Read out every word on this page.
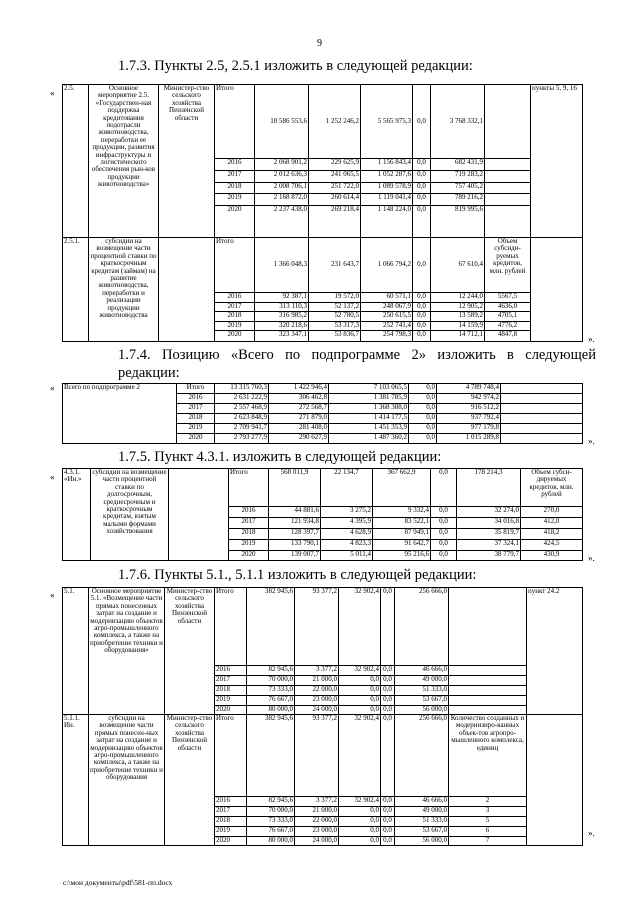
9
1.7.3. Пункты 2.5, 2.5.1 изложить в следующей редакции:
« 2.5.	Основное мероприятие 2.5. «Государствен-ная поддержка кредитования подотрасли животноводства, переработки ее продукции, развития инфраструктуры и логистического обеспечения рын-ков продукции животноводства»	Министер-ство сельского хозяйства Пензенской области	Итого	10 586 553,6	1 252 246,2	5 565 975,3	0,0	3 768 332,1		пункты 5, 9, 16
			2016	2 068 901,2	229 625,9	1 156 843,4	0,0	682 431,9		
			2017	2 012 636,3	241 065,5	1 052 287,6	0,0	719 283,2		
			2018	2 008 706,1	251 722,0	1 089 578,9	0,0	757 405,2		
			2019	2 168 872,0	260 614,4	1 119 041,4	0,0	789 216,2		
			2020	2 237 438,0	269 218,4	1 148 224,0	0,0	819 995,6		
2.5.1.	субсидии на возмещение части процентной ставки по краткосрочным кредитам (займам) на развитие животноводства, переработки и реализации продукции животноводства		Итого	1 366 048,3	231 643,7	1 066 794,2	0,0	67 610,4	Объем субсиди-руемых кредитов, млн. рублей	
			2016	92 387,1	19 572,0	60 571,1	0,0	12 244,0	5567,5	
			2017	313 110,3	52 137,2	248 067,9	0,0	12 905,2	4636,0	
			2018	316 985,2	52 780,5	250 615,5	0,0	13 589,2	4705,1	
			2019	320 218,6	53 317,3	252 741,4	0,0	14 159,9	4776,2	
			2020	323 347,1	53 836,7	254 798,3	0,0	14 712,1	4847,8		».
1.7.4. Позицию «Всего по подпрограмме 2» изложить в следующей редакции:
« Всего по подпрограмме 2	Итого	13 315 760,3	1 422 946,4	7 103 065,5	0,0	4 789 748,4	
	2016	2 631 222,9	306 462,8	1 381 785,9	0,0	942 974,2	
	2017	2 557 468,9	272 568,7	1 368 388,0	0,0	916 512,2	
	2018	2 623 848,9	271 879,0	1 414 177,5	0,0	937 792,4	
	2019	2 709 941,7	281 408,0	1 451 353,9	0,0	977 179,8	
	2020	2 793 277,9	290 627,9	1 487 360,2	0,0	1 015 289,8		».
1.7.5. Пункт 4.3.1. изложить в следующей редакции:
« 4.3.1. «Ин.»	субсидии на возмещение части процентной ставки по долгосрочным, среднесрочным и краткосрочным кредитам, взятым малыми формами хозяйствования		Итого	568 011,9	22 134,7	367 662,9	0,0	178 214,3	Объем субси-дируемых кредитов, млн. рублей
			2016	44 881,6	3 275,2	9 332,4	0,0	32 274,0	270,0
			2017	121 934,8	4 395,9	83 522,1	0,0	34 016,8	412,0
			2018	128 397,7	4 628,9	87 949,1	0,0	35 819,7	418,2
			2019	133 790,1	4 823,3	91 642,7	0,0	37 324,1	424,5
			2020	139 007,7	5 011,4	95 216,6	0,0	38 779,7	430,9	».
1.7.6. Пункты 5.1., 5.1.1 изложить в следующей редакции:
« 5.1.	Основное мероприятие 5.1. «Возмещение части прямых понесенных затрат на создание и модернизацию объектов агро-промышленного комплекса, а также на приобретение техники и оборудования»	Министер-ство сельского хозяйства Пензенской области	Итого	382 945,6	93 377,2	32 902,4	0,0	256 666,0		пункт 24.2
			2016	82 945,6	3 377,2	32 902,4	0,0	46 666,0		
			2017	70 000,0	21 000,0	0,0	0,0	49 000,0		
			2018	73 333,0	22 000,0	0,0	0,0	51 333,0		
			2019	76 667,0	23 000,0	0,0	0,0	53 667,0		
			2020	80 000,0	24 000,0	0,0	0,0	56 000,0		
5.1.1. Ин.	субсидии на возмещение части прямых понесен-ных затрат на создание и модернизацию объектов агро-промышленного комплекса, а также на приобретение техники и оборудования	Министер-ство сельского хозяйства Пензенской области	Итого	382 945,6	93 377,2	32 902,4	0,0	256 666,0	Количество созданных и модернизиро-ванных объек-тов агропро-мышленного комплекса, единиц	
			2016	82 945,6	3 377,2	32 902,4	0,0	46 666,0	2	
			2017	70 000,0	21 000,0	0,0	0,0	49 000,0	3	
			2018	73 333,0	22 000,0	0,0	0,0	51 333,0	5	
			2019	76 667,0	23 000,0	0,0	0,0	53 667,0	6	
			2020	80 000,0	24 000,0	0,0	0,0	56 000,0	7	
».
c:\мои документы\pdf\581-пп.docx
